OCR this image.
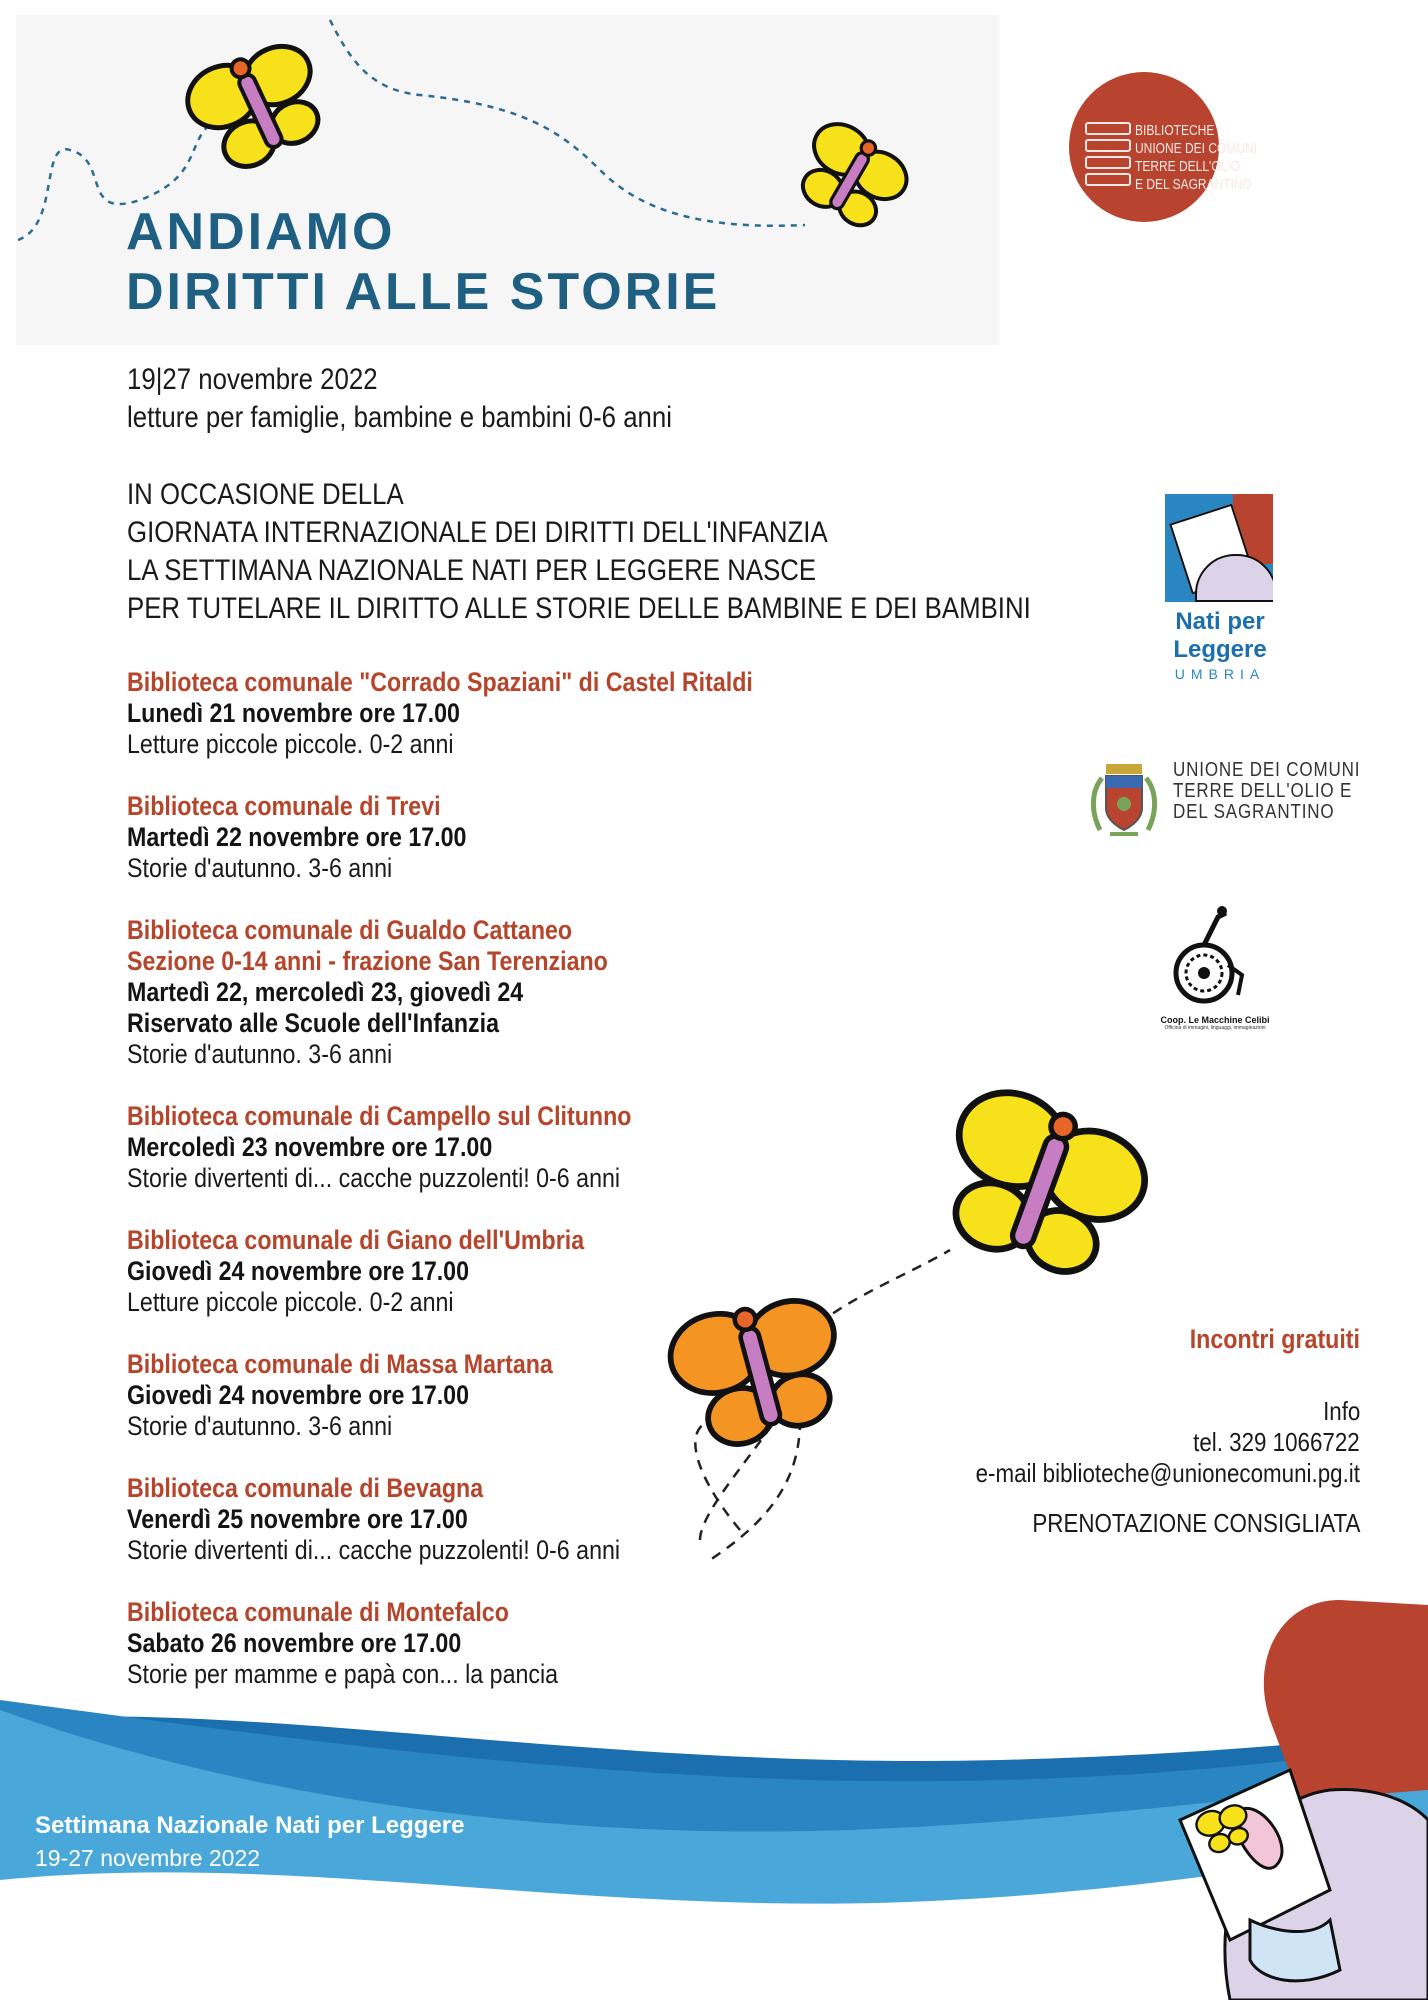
ANDIAMO
DIRITTI ALLE STORIE
BIBLIOTECHE
UNIONE DEI COMUNI
TERRE DELL'OLIO
E DEL SAGRANTINO
19|27 novembre 2022
letture per famiglie, bambine e bambini 0-6 anni
IN OCCASIONE DELLA
GIORNATA INTERNAZIONALE DEI DIRITTI DELL'INFANZIA
LA SETTIMANA NAZIONALE NATI PER LEGGERE NASCE
PER TUTELARE IL DIRITTO ALLE STORIE DELLE BAMBINE E DEI BAMBINI
Biblioteca comunale "Corrado Spaziani" di Castel Ritaldi
Lunedì 21 novembre ore 17.00
Letture piccole piccole. 0-2 anni
Biblioteca comunale di Trevi
Martedì 22 novembre ore 17.00
Storie d'autunno. 3-6 anni
Biblioteca comunale di Gualdo Cattaneo
Sezione 0-14 anni - frazione San Terenziano
Martedì 22, mercoledì 23, giovedì 24
Riservato alle Scuole dell'Infanzia
Storie d'autunno. 3-6 anni
Biblioteca comunale di Campello sul Clitunno
Mercoledì 23 novembre ore 17.00
Storie divertenti di... cacche puzzolenti! 0-6 anni
Biblioteca comunale di Giano dell'Umbria
Giovedì 24 novembre ore 17.00
Letture piccole piccole. 0-2 anni
Biblioteca comunale di Massa Martana
Giovedì 24 novembre ore 17.00
Storie d'autunno. 3-6 anni
Biblioteca comunale di Bevagna
Venerdì 25 novembre ore 17.00
Storie divertenti di... cacche puzzolenti! 0-6 anni
Biblioteca comunale di Montefalco
Sabato 26 novembre ore 17.00
Storie per mamme e papà con... la pancia
Nati per
Leggere
UMBRIA
UNIONE DEI COMUNI
TERRE DELL'OLIO E
DEL SAGRANTINO
Coop. Le Macchine Celibi
Officina di immagini, linguaggi, immaginazioni
Incontri gratuiti
Info
tel. 329 1066722
e-mail biblioteche@unionecomuni.pg.it
PRENOTAZIONE CONSIGLIATA
Settimana Nazionale Nati per Leggere
19-27 novembre 2022
